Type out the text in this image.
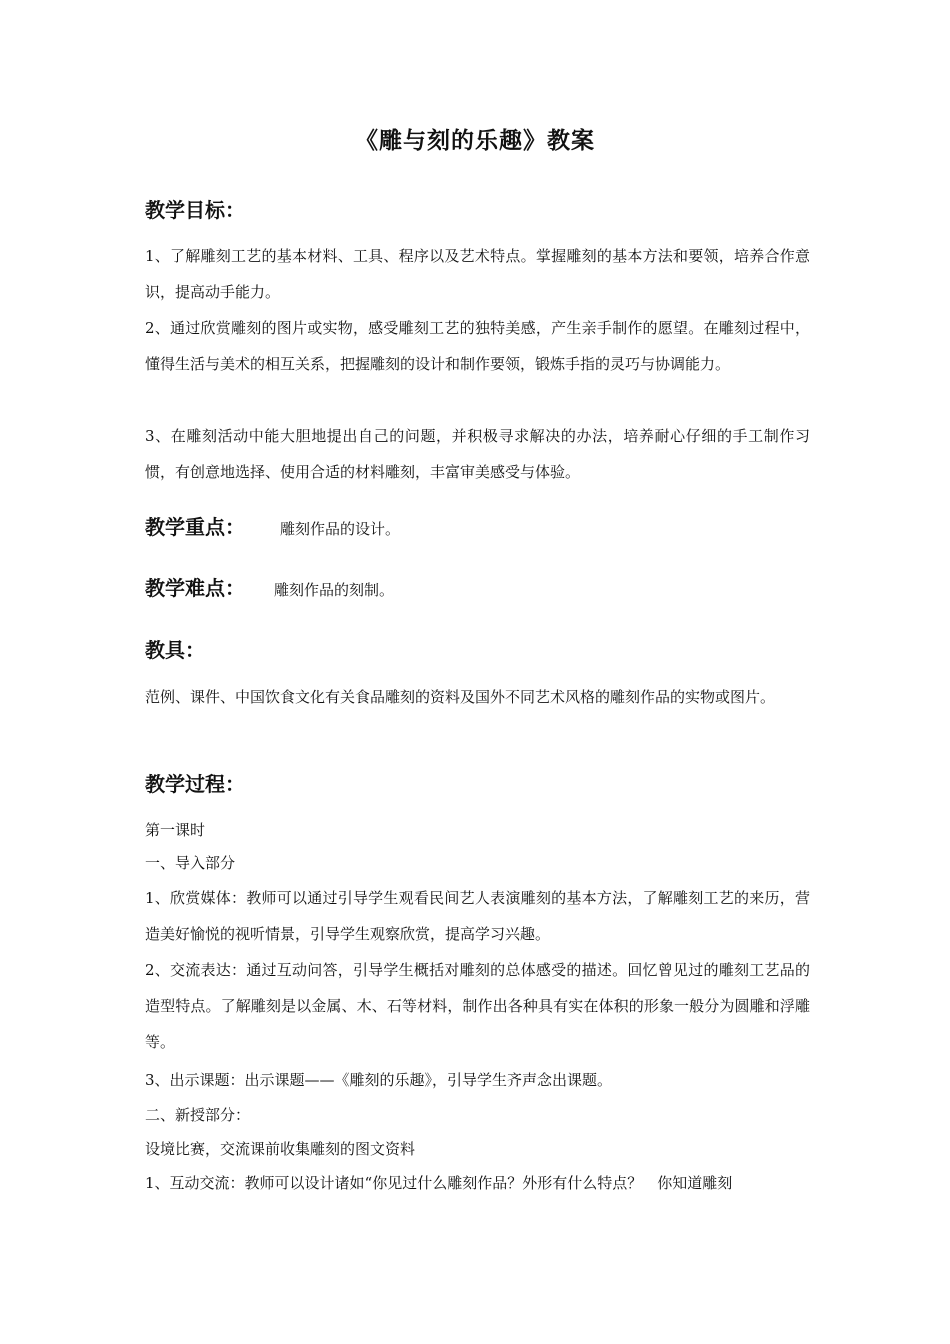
《雕与刻的乐趣》教案
教学目标：
1、了解雕刻工艺的基本材料、工具、程序以及艺术特点。掌握雕刻的基本方法和要领，培养合作意识，提高动手能力。
2、通过欣赏雕刻的图片或实物，感受雕刻工艺的独特美感，产生亲手制作的愿望。在雕刻过程中，懂得生活与美术的相互关系，把握雕刻的设计和制作要领，锻炼手指的灵巧与协调能力。
3、在雕刻活动中能大胆地提出自己的问题，并积极寻求解决的办法，培养耐心仔细的手工制作习惯，有创意地选择、使用合适的材料雕刻，丰富审美感受与体验。
教学重点： 雕刻作品的设计。
教学难点： 雕刻作品的刻制。
教具：
范例、课件、中国饮食文化有关食品雕刻的资料及国外不同艺术风格的雕刻作品的实物或图片。
教学过程：
第一课时
一、导入部分
1、欣赏媒体：教师可以通过引导学生观看民间艺人表演雕刻的基本方法，了解雕刻工艺的来历，营造美好愉悦的视听情景，引导学生观察欣赏，提高学习兴趣。
2、交流表达：通过互动问答，引导学生概括对雕刻的总体感受的描述。回忆曾见过的雕刻工艺品的造型特点。了解雕刻是以金属、木、石等材料，制作出各种具有实在体积的形象一般分为圆雕和浮雕等。
3、出示课题：出示课题——《雕刻的乐趣》，引导学生齐声念出课题。
二、新授部分：
设境比赛，交流课前收集雕刻的图文资料
1、互动交流：教师可以设计诸如“你见过什么雕刻作品？外形有什么特点？　你知道雕刻
